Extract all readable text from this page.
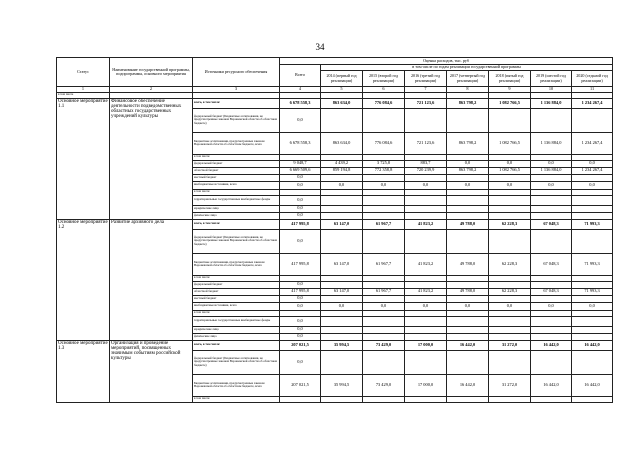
34
Статус	Наименование государственной программы, подпрограммы, основного мероприятия	Источники ресурсного обеспечения	Оценка расходов, тыс. руб							
			Всего	в том числе по годам реализации государственной программы						
				2014 (первый год реализации)	2015 (второй год реализации)	2016 (третий год реализации)	2017 (четвертый год реализации)	2018 (пятый год реализации)	2019 (шестой год реализации)	2020 (седьмой год реализации)
1	2	3	4	5	6	7	8	9	10	11
в том числе										
Основное мероприятие 1.1	Финансовое обеспечение деятельности подведомственных областных государственных учреждений культуры	всего, в том числе:	6 678 558,3	863 634,0	776 084,6	721 123,6	863 798,2	1 082 766,5	1 136 884,0	1 234 267,4
		федеральный бюджет (Бюджетные ассигнования, не предусмотренные законом Воронежской области об областном бюджете)	0,0							
		Бюджетные ассигнования, предусмотренные законом Воронежской области об областном бюджете, всего	6 678 558,3	863 634,0	776 084,6	721 123,6	863 798,2	1 082 766,5	1 136 884,0	1 234 267,4
		в том числе:								
		федеральный бюджет	9 048,7	4 439,2	3 725,8	883,7	0,0	0,0	0,0	0,0
		областной бюджет	6 669 509,6	859 194,8	772 358,8	720 239,9	863 798,2	1 082 766,5	1 136 884,0	1 234 267,4
		местный бюджет	0,0							
		внебюджетные источники, всего	0,0	0,0	0,0	0,0	0,0	0,0	0,0	0,0
		в том числе:								
		территориальные государственные внебюджетные фонды	0,0							
		юридические лица	0,0							
		физические лица	0,0							
Основное мероприятие 1.2	Развитие архивного дела	всего, в том числе:	417 995,8	63 147,0	61 967,7	41 823,2	49 788,0	62 228,3	67 048,3	71 993,3
		федеральный бюджет (Бюджетные ассигнования, не предусмотренные законом Воронежской области об областном бюджете)	0,0							
		Бюджетные ассигнования, предусмотренные законом Воронежской области об областном бюджете, всего	417 995,8	63 147,0	61 967,7	41 823,2	49 788,0	62 228,3	67 048,3	71 993,3
		в том числе:								
		федеральный бюджет	0,0							
		областной бюджет	417 995,8	63 147,0	61 967,7	41 823,2	49 788,0	62 228,3	67 048,3	71 993,3
		местный бюджет	0,0							
		внебюджетные источники, всего	0,0	0,0	0,0	0,0	0,0	0,0	0,0	0,0
		в том числе:								
		территориальные государственные внебюджетные фонды	0,0							
		юридические лица	0,0							
		физические лица	0,0							
Основное мероприятие 1.3	Организация и проведение мероприятий, посвященных значимым событиям российской культуры	всего, в том числе:	207 021,5	35 994,5	73 429,0	17 000,0	16 442,0	31 272,0	16 442,0	16 442,0
		федеральный бюджет (Бюджетные ассигнования, не предусмотренные законом Воронежской области об областном бюджете)	0,0							
		Бюджетные ассигнования, предусмотренные законом Воронежской области об областном бюджете, всего	207 021,5	35 994,5	73 429,0	17 000,0	16 442,0	31 272,0	16 442,0	16 442,0
		в том числе:								
